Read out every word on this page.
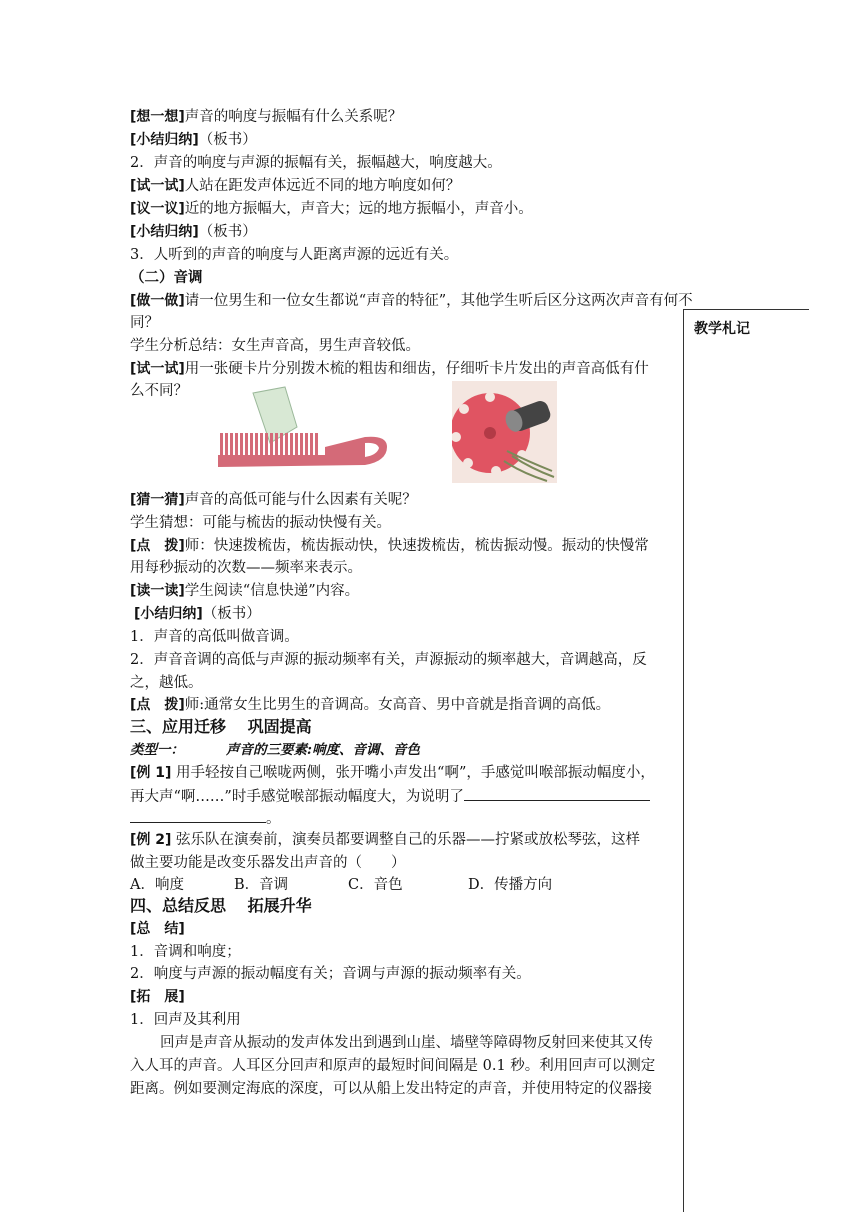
[想一想]声音的响度与振幅有什么关系呢？
[小结归纳]（板书）
2．声音的响度与声源的振幅有关，振幅越大，响度越大。
[试一试]人站在距发声体远近不同的地方响度如何？
[议一议]近的地方振幅大，声音大；远的地方振幅小，声音小。
[小结归纳]（板书）
3．人听到的声音的响度与人距离声源的远近有关。
（二）音调
[做一做]请一位男生和一位女生都说“声音的特征”，其他学生听后区分这两次声音有何不
同？
学生分析总结：女生声音高，男生声音较低。
[试一试]用一张硬卡片分别拨木梳的粗齿和细齿，仔细听卡片发出的声音高低有什
么不同？
[猜一猜]声音的高低可能与什么因素有关呢？
学生猜想：可能与梳齿的振动快慢有关。
[点　拨]师：快速拨梳齿，梳齿振动快，快速拨梳齿，梳齿振动慢。振动的快慢常
用每秒振动的次数——频率来表示。
[读一读]学生阅读“信息快递”内容。
[小结归纳]（板书）
1．声音的高低叫做音调。
2．声音音调的高低与声源的振动频率有关，声源振动的频率越大，音调越高，反
之，越低。
[点　拨]师:通常女生比男生的音调高。女高音、男中音就是指音调的高低。
三、应用迁移　 巩固提高
类型一：	声音的三要素:响度、音调、音色
[例 1] 用手轻按自己喉咙两侧，张开嘴小声发出“啊”，手感觉叫喉部振动幅度小，
再大声“啊……”时手感觉喉部振动幅度大，为说明了
。
[例 2] 弦乐队在演奏前，演奏员都要调整自己的乐器——拧紧或放松琴弦，这样
做主要功能是改变乐器发出声音的（　　）
A．响度	B．音调	C．音色	D．传播方向
四、总结反思　 拓展升华
[总　结]
1．音调和响度；
2．响度与声源的振动幅度有关；音调与声源的振动频率有关。
[拓　展]
1．回声及其利用
回声是声音从振动的发声体发出到遇到山崖、墙壁等障碍物反射回来使其又传
入人耳的声音。人耳区分回声和原声的最短时间间隔是 0.1 秒。利用回声可以测定
距离。例如要测定海底的深度，可以从船上发出特定的声音，并使用特定的仪器接
教学札记
